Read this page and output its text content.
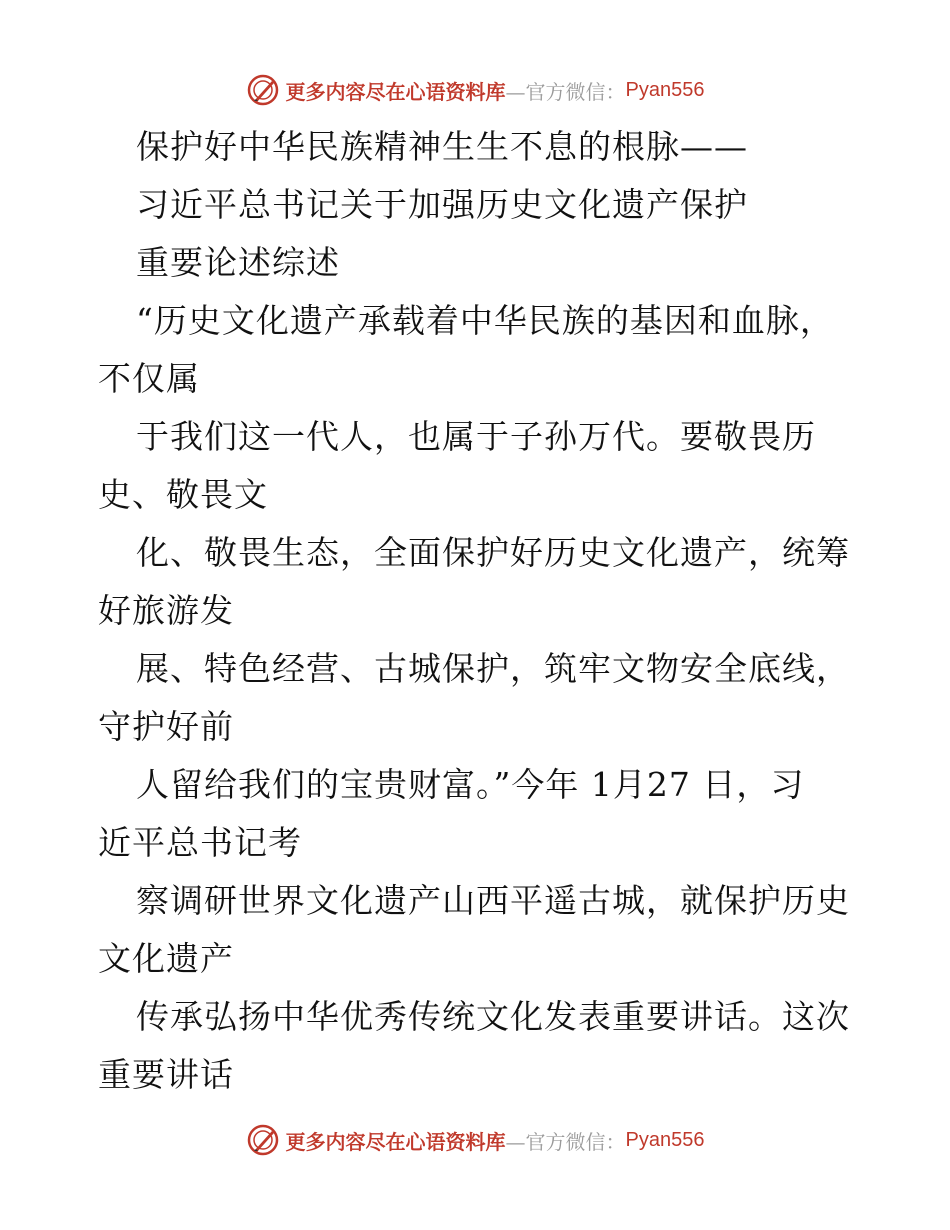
更多内容尽在心语资料库 —官方微信： Pyan556
保护好中华民族精神生生不息的根脉——
习近平总书记关于加强历史文化遗产保护
重要论述综述
“历史文化遗产承载着中华民族的基因和血脉，
不仅属
于我们这一代人，也属于子孙万代。要敬畏历
史、敬畏文
化、敬畏生态，全面保护好历史文化遗产，统筹
好旅游发
展、特色经营、古城保护，筑牢文物安全底线，
守护好前
人留给我们的宝贵财富。”今年 1月27 日，习
近平总书记考
察调研世界文化遗产山西平遥古城，就保护历史
文化遗产
传承弘扬中华优秀传统文化发表重要讲话。这次
重要讲话
更多内容尽在心语资料库 —官方微信： Pyan556
